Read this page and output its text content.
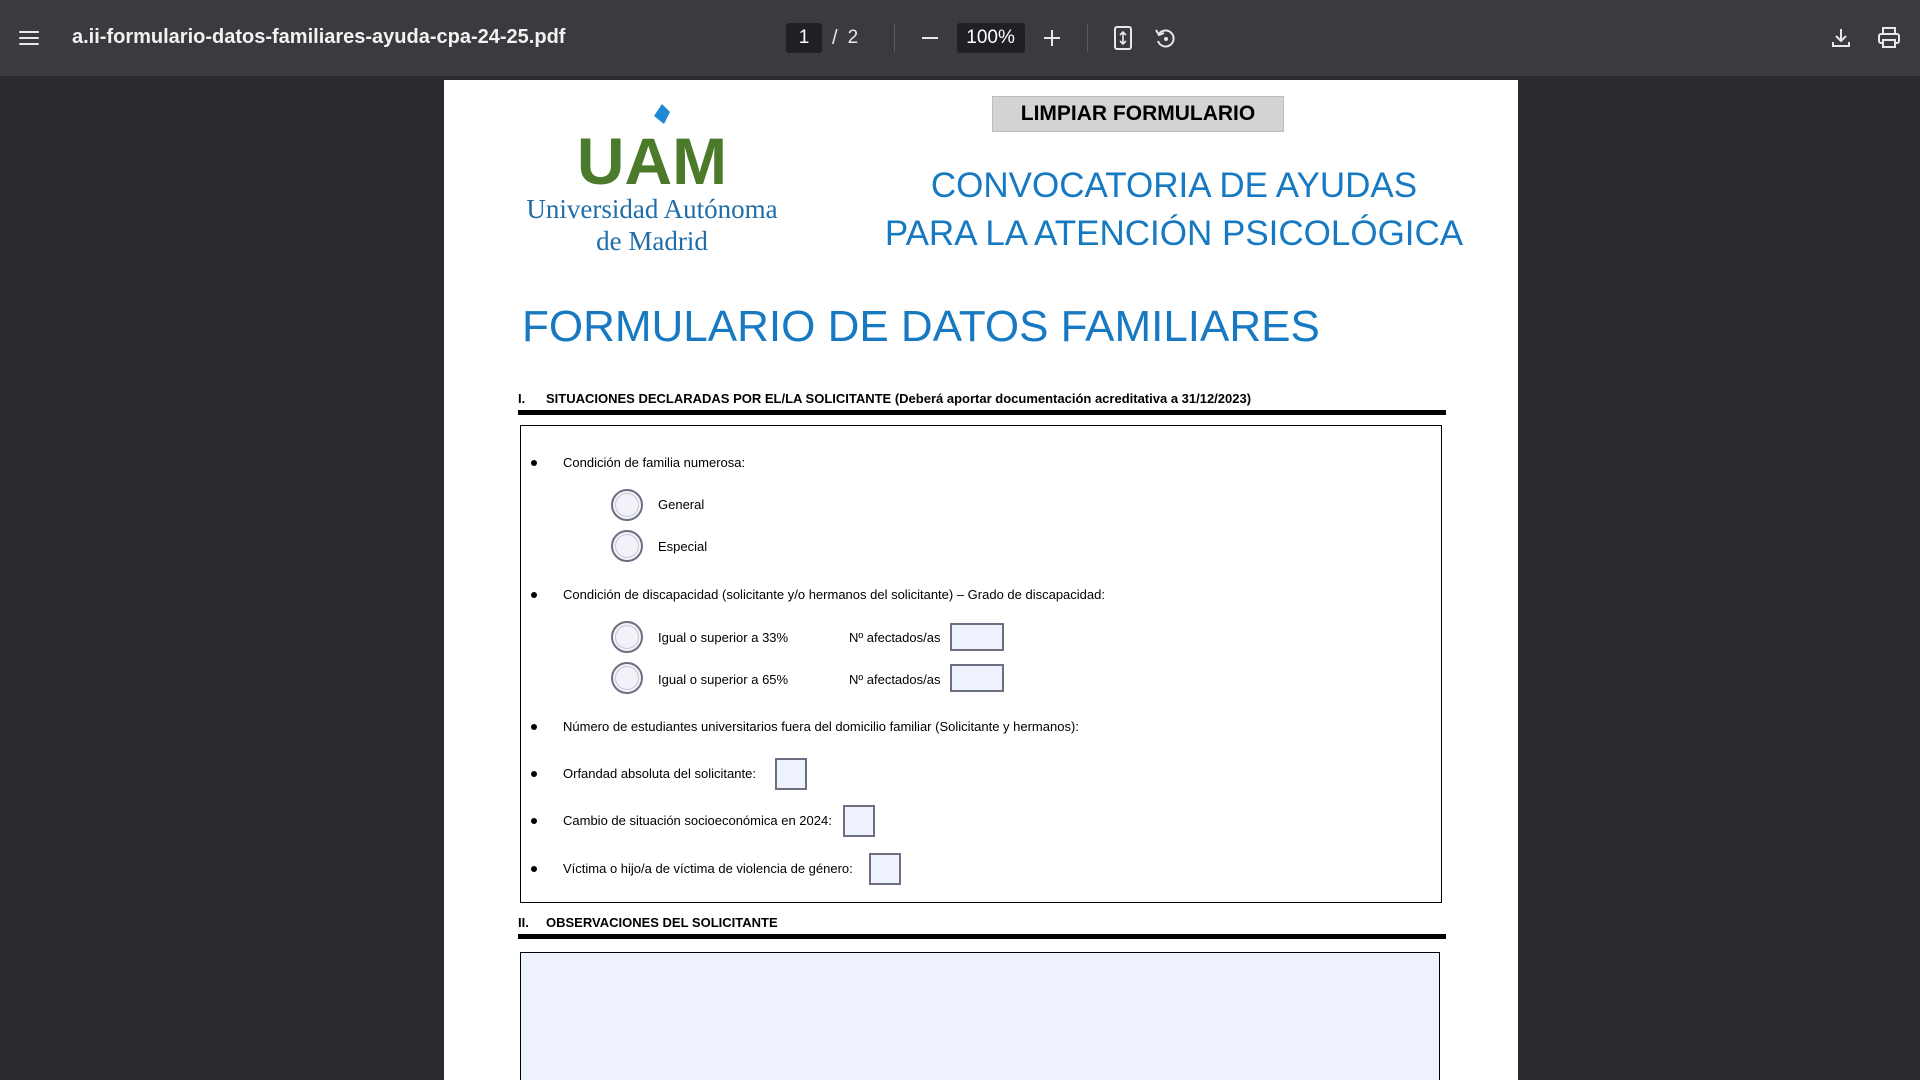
a.ii-formulario-datos-familiares-ayuda-cpa-24-25.pdf
1	/ 2
100%
LIMPIAR FORMULARIO
UAM
Universidad Autónoma
de Madrid
CONVOCATORIA DE AYUDAS
PARA LA ATENCIÓN PSICOLÓGICA
FORMULARIO DE DATOS FAMILIARES
I. SITUACIONES DECLARADAS POR EL/LA SOLICITANTE (Deberá aportar documentación acreditativa a 31/12/2023)
Condición de familia numerosa:
General
Especial
Condición de discapacidad (solicitante y/o hermanos del solicitante) – Grado de discapacidad:
Igual o superior a 33%	Nº afectados/as
Igual o superior a 65%	Nº afectados/as
Número de estudiantes universitarios fuera del domicilio familiar (Solicitante y hermanos):
Orfandad absoluta del solicitante:
Cambio de situación socioeconómica en 2024:
Víctima o hijo/a de víctima de violencia de género:
II. OBSERVACIONES DEL SOLICITANTE
